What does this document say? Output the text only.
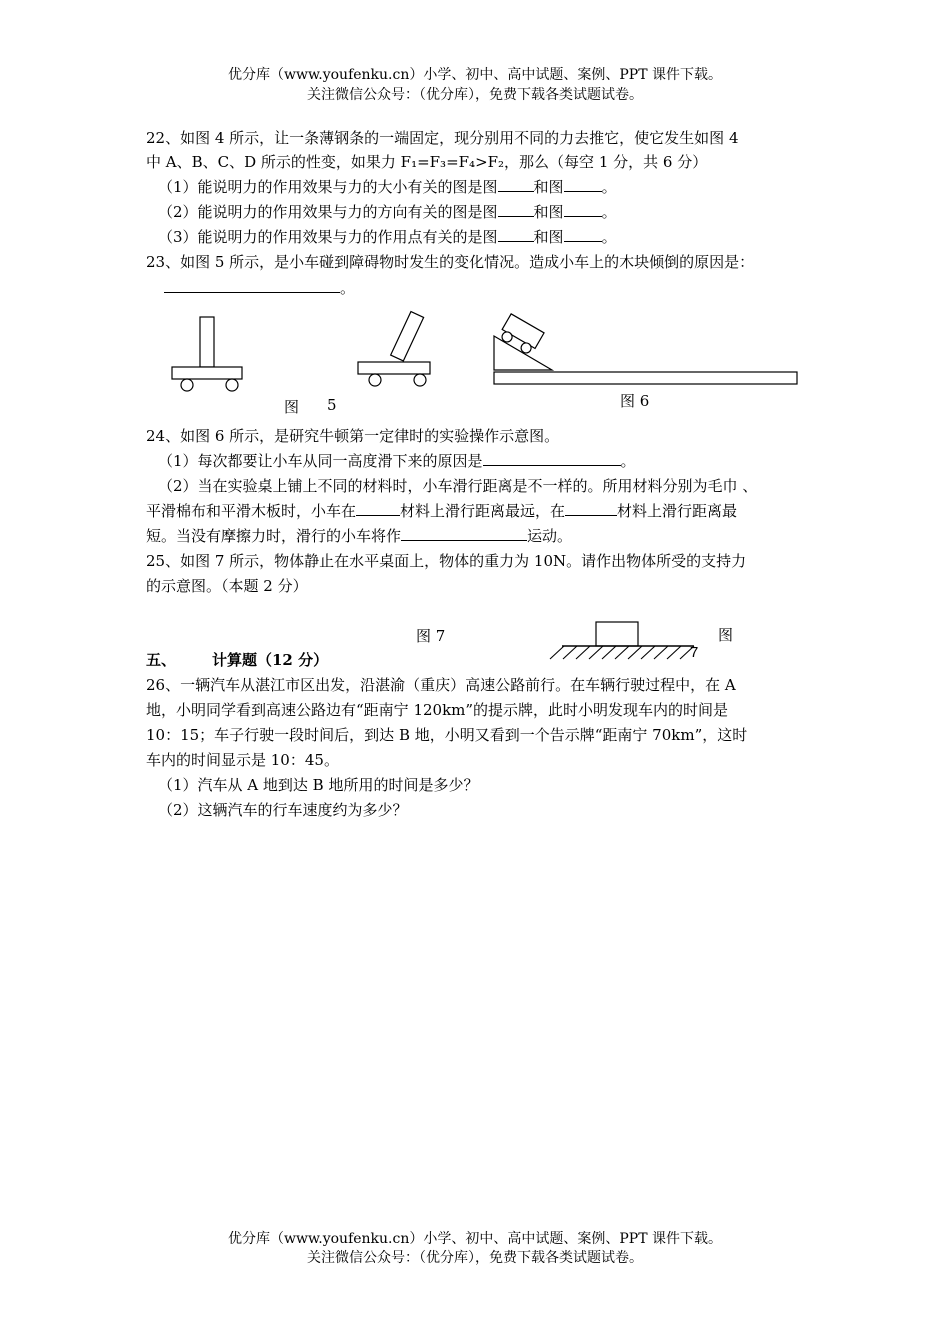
优分库（www.youfenku.cn）小学、初中、高中试题、案例、PPT 课件下载。
关注微信公众号：（优分库），免费下载各类试题试卷。
22、如图 4 所示，让一条薄钢条的一端固定，现分别用不同的力去推它，使它发生如图 4
中 A、B、C、D 所示的性变，如果力 F₁=F₃=F₄>F₂，那么（每空 1 分，共 6 分）
（1）能说明力的作用效果与力的大小有关的图是图 和图	。
（2）能说明力的作用效果与力的方向有关的图是图 和图	。
（3）能说明力的作用效果与力的作用点有关的是图 和图	。
23、如图 5 所示，是小车碰到障碍物时发生的变化情况。造成小车上的木块倾倒的原因是：
。
图 5	图 6
24、如图 6 所示，是研究牛顿第一定律时的实验操作示意图。
（1）每次都要让小车从同一高度滑下来的原因是	。
（2）当在实验桌上铺上不同的材料时，小车滑行距离是不一样的。所用材料分别为毛巾 、
平滑棉布和平滑木板时，小车在	材料上滑行距离最远，在	材料上滑行距离最
短。当没有摩擦力时，滑行的小车将作	运动。
25、如图 7 所示，物体静止在水平桌面上，物体的重力为 10N。请作出物体所受的支持力
的示意图。（本题 2 分）
图 7	图
7
五、 计算题（12 分）
26、一辆汽车从湛江市区出发，沿湛渝（重庆）高速公路前行。在车辆行驶过程中，在 A
地，小明同学看到高速公路边有“距南宁 120km”的提示牌，此时小明发现车内的时间是
10：15；车子行驶一段时间后，到达 B 地，小明又看到一个告示牌“距南宁 70km”，这时
车内的时间显示是 10：45。
（1）汽车从 A 地到达 B 地所用的时间是多少？
（2）这辆汽车的行车速度约为多少？
优分库（www.youfenku.cn）小学、初中、高中试题、案例、PPT 课件下载。
关注微信公众号：（优分库），免费下载各类试题试卷。
